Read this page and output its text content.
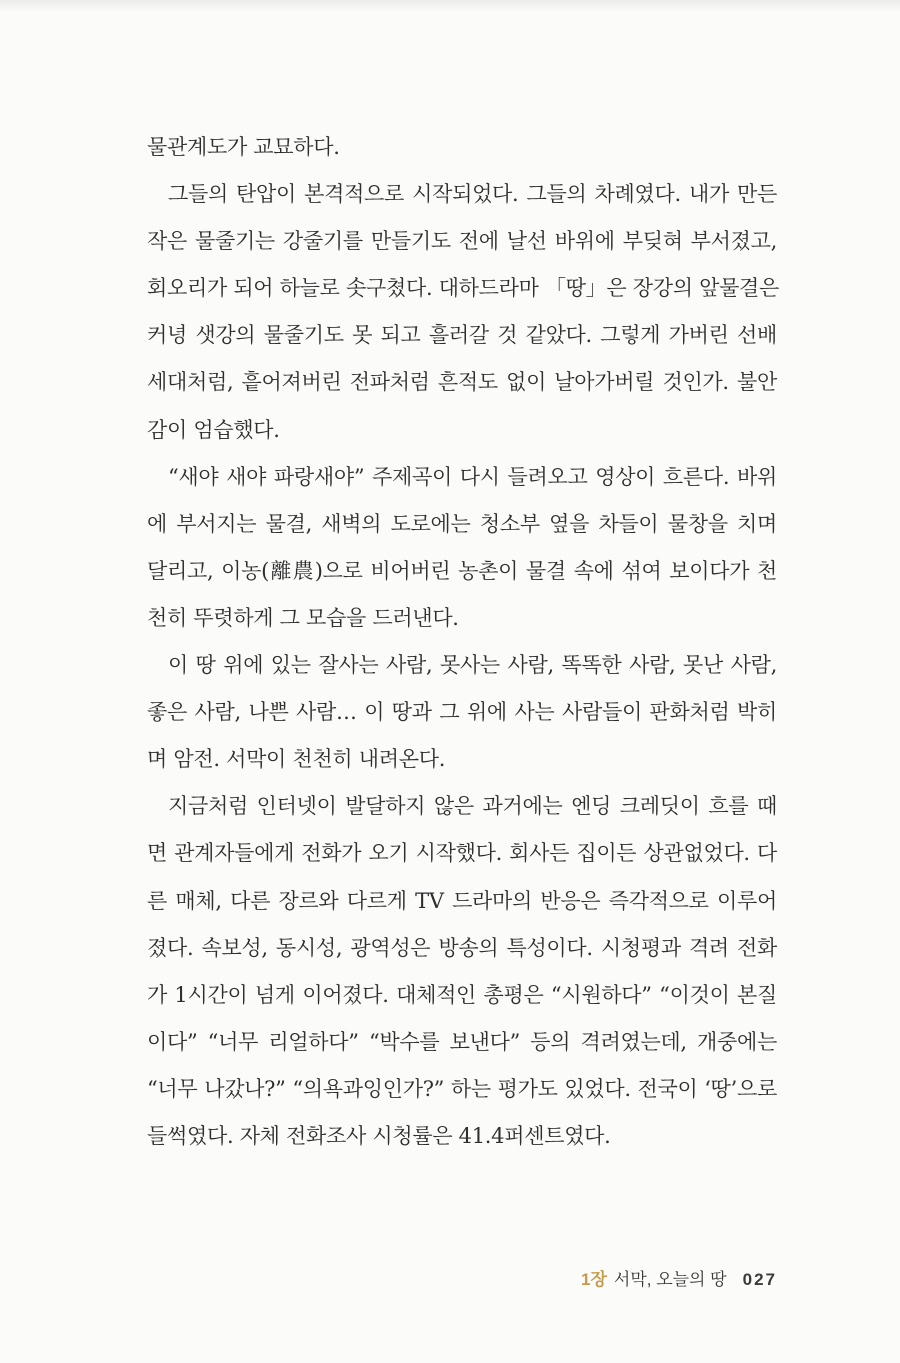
물관계도가 교묘하다.
그들의 탄압이 본격적으로 시작되었다. 그들의 차례였다. 내가 만든
작은 물줄기는 강줄기를 만들기도 전에 날선 바위에 부딪혀 부서졌고,
회오리가 되어 하늘로 솟구쳤다. 대하드라마 「땅」은 장강의 앞물결은
커녕 샛강의 물줄기도 못 되고 흘러갈 것 같았다. 그렇게 가버린 선배
세대처럼, 흩어져버린 전파처럼 흔적도 없이 날아가버릴 것인가. 불안
감이 엄습했다.
“새야 새야 파랑새야” 주제곡이 다시 들려오고 영상이 흐른다. 바위
에 부서지는 물결, 새벽의 도로에는 청소부 옆을 차들이 물창을 치며
달리고, 이농(離農)으로 비어버린 농촌이 물결 속에 섞여 보이다가 천
천히 뚜렷하게 그 모습을 드러낸다.
이 땅 위에 있는 잘사는 사람, 못사는 사람, 똑똑한 사람, 못난 사람,
좋은 사람, 나쁜 사람… 이 땅과 그 위에 사는 사람들이 판화처럼 박히
며 암전. 서막이 천천히 내려온다.
지금처럼 인터넷이 발달하지 않은 과거에는 엔딩 크레딧이 흐를 때
면 관계자들에게 전화가 오기 시작했다. 회사든 집이든 상관없었다. 다
른 매체, 다른 장르와 다르게 TV 드라마의 반응은 즉각적으로 이루어
졌다. 속보성, 동시성, 광역성은 방송의 특성이다. 시청평과 격려 전화
가 1시간이 넘게 이어졌다. 대체적인 총평은 “시원하다” “이것이 본질
이다” “너무 리얼하다” “박수를 보낸다” 등의 격려였는데, 개중에는
“너무 나갔나?” “의욕과잉인가?” 하는 평가도 있었다. 전국이 ‘땅’으로
들썩였다. 자체 전화조사 시청률은 41.4퍼센트였다.
1장 서막, 오늘의 땅 027
